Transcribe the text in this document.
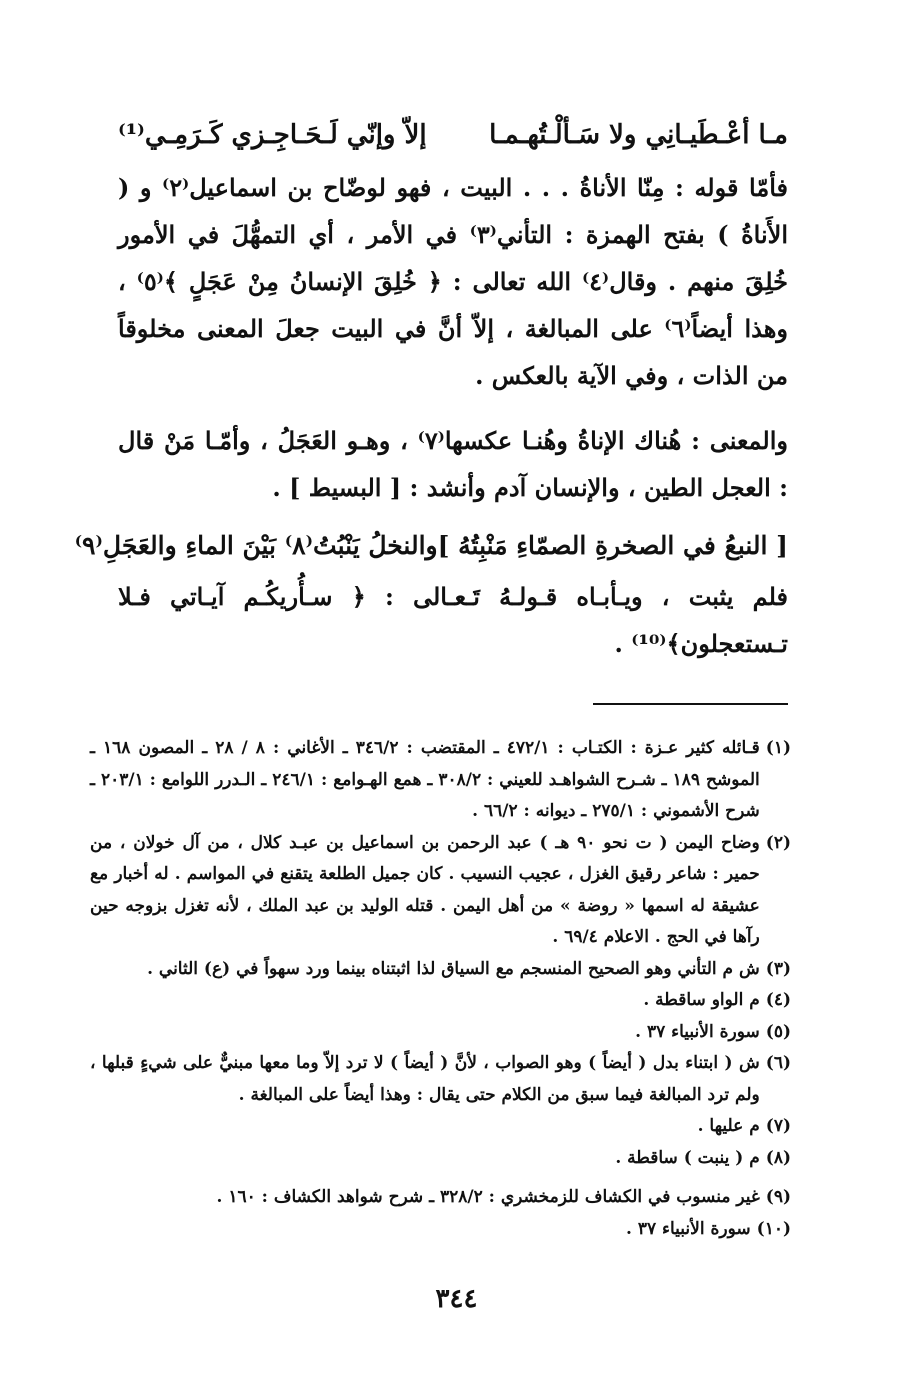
مـا أعْـطَيـانِي ولا سَـألْـتُهـمـا
إلاّ وإنّي لَـحَـاجِـزي كَـرَمِـي⁽¹⁾

فأمّا قوله : مِنّا الأناةُ . . . البيت ، فهو لوضّاح بن اسماعيل⁽٢⁾ و ( الأَناةُ ) بفتح الهمزة : التأني⁽٣⁾ في الأمر ، أي التمهُّلَ في الأمور خُلِقَ منهم . وقال⁽٤⁾ الله تعالى : ﴿ خُلِقَ الإنسانُ مِنْ عَجَلٍ ﴾⁽٥⁾ ، وهذا أيضاً⁽٦⁾ على المبالغة ، إلاّ أنَّ في البيت جعلَ المعنى مخلوقاً من الذات ، وفي الآية بالعكس .

والمعنى : هُناك الإناةُ وهُنـا عكسها⁽٧⁾ ، وهـو العَجَلُ ، وأمّـا مَنْ قال : العجل الطين ، والإنسان آدم وأنشد : [ البسيط ] .

[ النبعُ في الصخرةِ الصمّاءِ مَنْبِتُهُ ]
والنخلُ يَنْبُتُ⁽٨⁾ بَيْنَ الماءِ والعَجَلِ⁽٩⁾

فلم يثبت ، ويـأبـاه قـولـهُ تَـعـالى : ﴿ سـأُريكُـم آيـاتي فـلا تـستعجلون﴾⁽¹⁰⁾ .

(١)
قـائله كثير عـزة : الكتـاب : ٤٧٢/١ ـ المقتضب : ٣٤٦/٢ ـ الأغاني : ٨ / ٢٨ ـ المصون ١٦٨ ـ الموشح ١٨٩ ـ شـرح الشواهـد للعيني : ٣٠٨/٢ ـ همع الهـوامع : ٢٤٦/١ ـ الـدرر اللوامع : ٢٠٣/١ ـ شرح الأشموني : ٢٧٥/١ ـ ديوانه : ٦٦/٢ .
(٢)
وضاح اليمن ( ت نحو ٩٠ هـ ) عبد الرحمن بن اسماعيل بن عبـد كلال ، من آل خولان ، من حمير : شاعر رقيق الغزل ، عجيب النسيب . كان جميل الطلعة يتقنع في المواسم . له أخبار مع عشيقة له اسمها « روضة » من أهل اليمن . قتله الوليد بن عبد الملك ، لأنه تغزل بزوجه حين رآها في الحج . الاعلام ٦٩/٤ .
(٣)
ش م التأني وهو الصحيح المنسجم مع السياق لذا اثبتناه بينما ورد سهواً في (ع) الثاني .
(٤)
م الواو ساقطة .
(٥)
سورة الأنبياء ٣٧ .
(٦)
ش ( ابتناء بدل ( أيضاً ) وهو الصواب ، لأنَّ ( أيضاً ) لا ترد إلاّ وما معها مبنيٌّ على شيءٍ قبلها ، ولم ترد المبالغة فيما سبق من الكلام حتى يقال : وهذا أيضاً على المبالغة .
(٧)
م عليها .
(٨)
م ( ينبت ) ساقطة .
(٩)
غير منسوب في الكشاف للزمخشري : ٣٢٨/٢ ـ شرح شواهد الكشاف : ١٦٠ .
(١٠)
سورة الأنبياء ٣٧ .
٣٤٤
